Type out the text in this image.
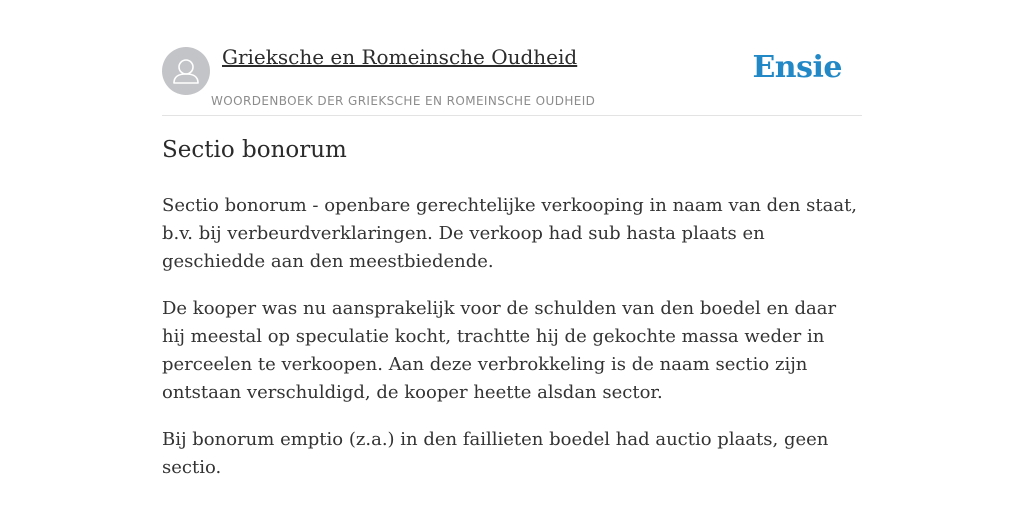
Grieksche en Romeinsche Oudheid
WOORDENBOEK DER GRIEKSCHE EN ROMEINSCHE OUDHEID
Ensie
Sectio bonorum

Sectio bonorum - openbare gerechtelijke verkooping in naam van den staat, b.v. bij verbeurdverklaringen. De verkoop had sub hasta plaats en geschiedde aan den meestbiedende.

De kooper was nu aansprakelijk voor de schulden van den boedel en daar hij meestal op speculatie kocht, trachtte hij de gekochte massa weder in perceelen te verkoopen. Aan deze verbrokkeling is de naam sectio zijn ontstaan verschuldigd, de kooper heette alsdan sector.

Bij bonorum emptio (z.a.) in den faillieten boedel had auctio plaats, geen sectio.
